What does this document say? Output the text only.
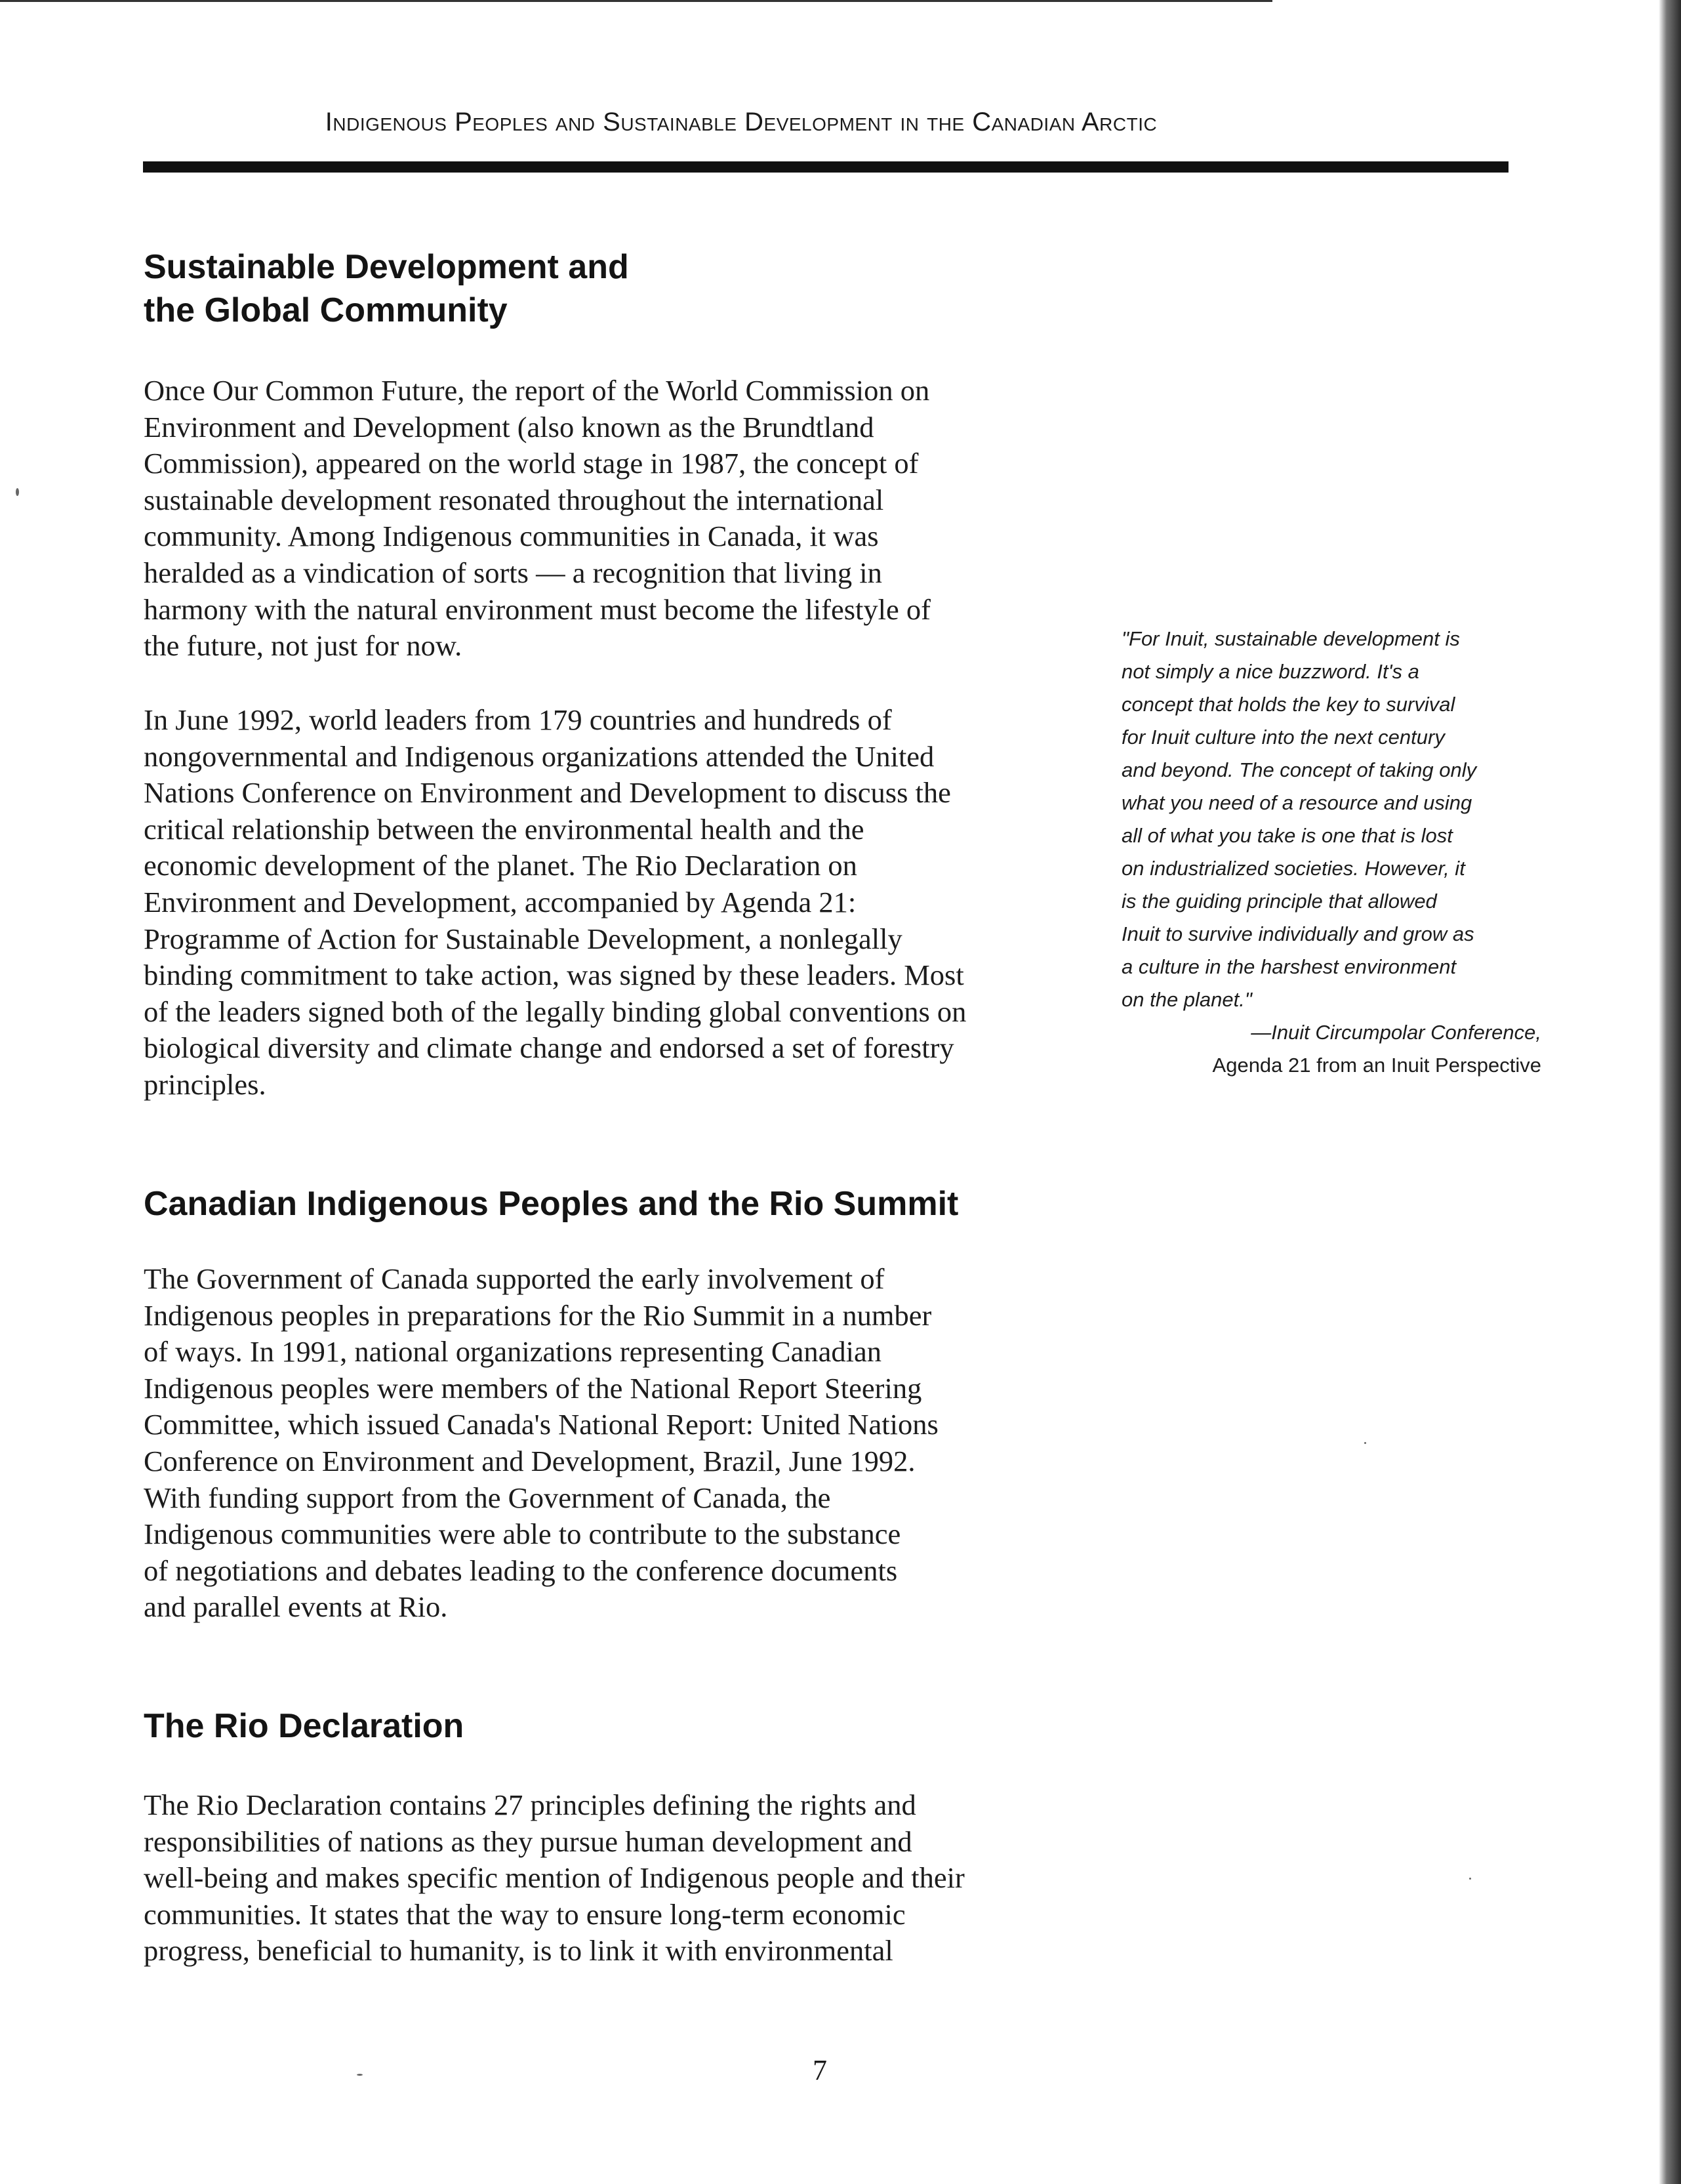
Indigenous Peoples and Sustainable Development in the Canadian Arctic
Sustainable Development and
the Global Community

Once Our Common Future, the report of the World Commission on
Environment and Development (also known as the Brundtland
Commission), appeared on the world stage in 1987, the concept of
sustainable development resonated throughout the international
community. Among Indigenous communities in Canada, it was
heralded as a vindication of sorts — a recognition that living in
harmony with the natural environment must become the lifestyle of
the future, not just for now.

In June 1992, world leaders from 179 countries and hundreds of
nongovernmental and Indigenous organizations attended the United
Nations Conference on Environment and Development to discuss the
critical relationship between the environmental health and the
economic development of the planet. The Rio Declaration on
Environment and Development, accompanied by Agenda 21:
Programme of Action for Sustainable Development, a nonlegally
binding commitment to take action, was signed by these leaders. Most
of the leaders signed both of the legally binding global conventions on
biological diversity and climate change and endorsed a set of forestry
principles.

Canadian Indigenous Peoples and the Rio Summit

The Government of Canada supported the early involvement of
Indigenous peoples in preparations for the Rio Summit in a number
of ways. In 1991, national organizations representing Canadian
Indigenous peoples were members of the National Report Steering
Committee, which issued Canada's National Report: United Nations
Conference on Environment and Development, Brazil, June 1992.
With funding support from the Government of Canada, the
Indigenous communities were able to contribute to the substance
of negotiations and debates leading to the conference documents
and parallel events at Rio.

The Rio Declaration

The Rio Declaration contains 27 principles defining the rights and
responsibilities of nations as they pursue human development and
well-being and makes specific mention of Indigenous people and their
communities. It states that the way to ensure long-term economic
progress, beneficial to humanity, is to link it with environmental

"For Inuit, sustainable development is
not simply a nice buzzword. It's a
concept that holds the key to survival
for Inuit culture into the next century
and beyond. The concept of taking only
what you need of a resource and using
all of what you take is one that is lost
on industrialized societies. However, it
is the guiding principle that allowed
Inuit to survive individually and grow as
a culture in the harshest environment
on the planet."
—Inuit Circumpolar Conference,
Agenda 21 from an Inuit Perspective
7
